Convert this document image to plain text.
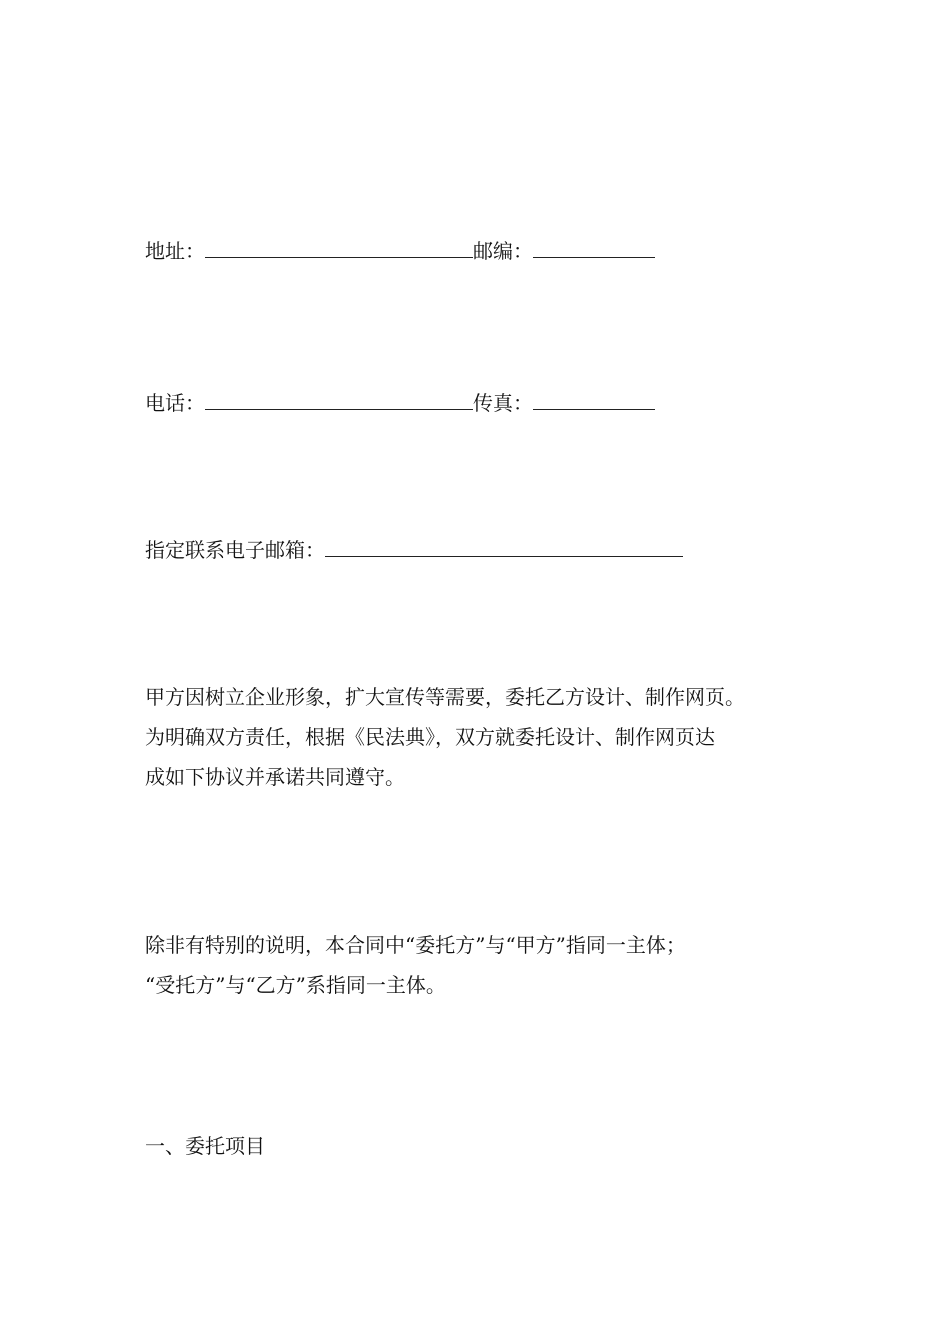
地址：	邮编：
电话：	传真：
指定联系电子邮箱：

甲方因树立企业形象，扩大宣传等需要，委托乙方设计、制作网页。

为明确双方责任，根据《民法典》，双方就委托设计、制作网页达

成如下协议并承诺共同遵守。

除非有特别的说明，本合同中“委托方”与“甲方”指同一主体；

“受托方”与“乙方”系指同一主体。

一、委托项目
